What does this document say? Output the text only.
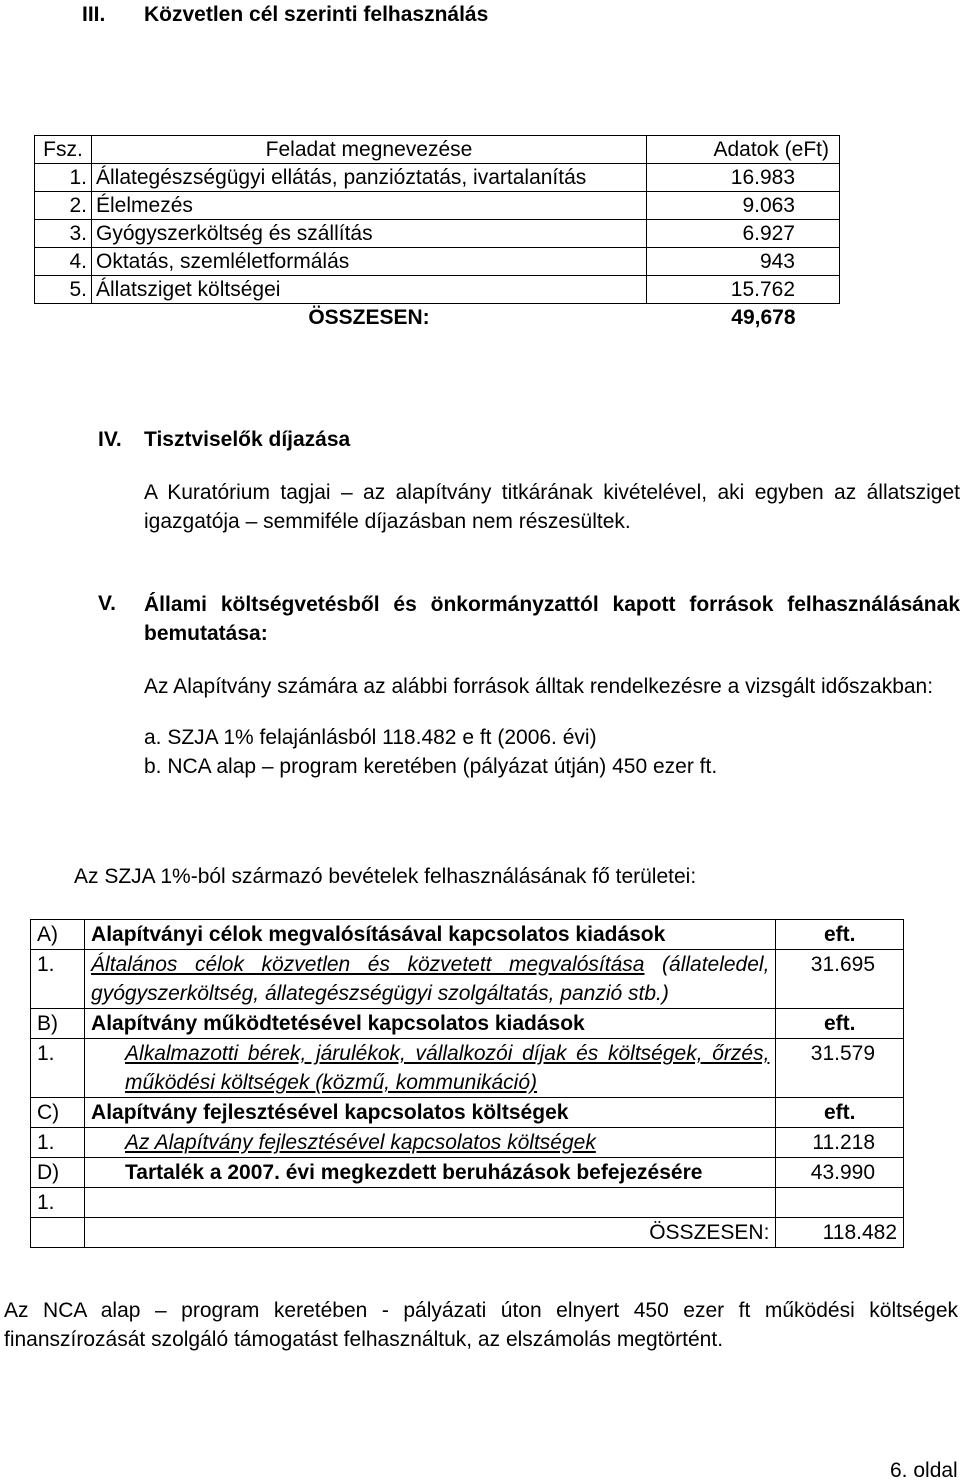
III. Közvetlen cél szerinti felhasználás
Fsz.	Feladat megnevezése	Adatok (eFt)
1.	Állategészségügyi ellátás, panzióztatás, ivartalanítás	16.983
2.	Élelmezés	9.063
3.	Gyógyszerköltség és szállítás	6.927
4.	Oktatás, szemléletformálás	943
5.	Állatsziget költségei	15.762
	ÖSSZESEN:	49,678
IV. Tisztviselők díjazása
A Kuratórium tagjai – az alapítvány titkárának kivételével, aki egyben az állatsziget igazgatója – semmiféle díjazásban nem részesültek.
V. Állami költségvetésből és önkormányzattól kapott források felhasználásának bemutatása:
Az Alapítvány számára az alábbi források álltak rendelkezésre a vizsgált időszakban:
a. SZJA 1% felajánlásból 118.482 e ft (2006. évi)
b. NCA alap – program keretében (pályázat útján) 450 ezer ft.
Az SZJA 1%-ból származó bevételek felhasználásának fő területei:
A)	Alapítványi célok megvalósításával kapcsolatos kiadások	eft.
1.	Általános célok közvetlen és közvetett megvalósítása (állateledel, gyógyszerköltség, állategészségügyi szolgáltatás, panzió stb.)	31.695
B)	Alapítvány működtetésével kapcsolatos kiadások	eft.
1.	Alkalmazotti bérek, járulékok, vállalkozói díjak és költségek, őrzés, működési költségek (közmű, kommunikáció)	31.579
C)	Alapítvány fejlesztésével kapcsolatos költségek	eft.
1.	Az Alapítvány fejlesztésével kapcsolatos költségek	11.218
D)	Tartalék a 2007. évi megkezdett beruházások befejezésére	43.990
1.		
	ÖSSZESEN:	118.482
Az NCA alap – program keretében - pályázati úton elnyert 450 ezer ft működési költségek finanszírozását szolgáló támogatást felhasználtuk, az elszámolás megtörtént.
6. oldal
